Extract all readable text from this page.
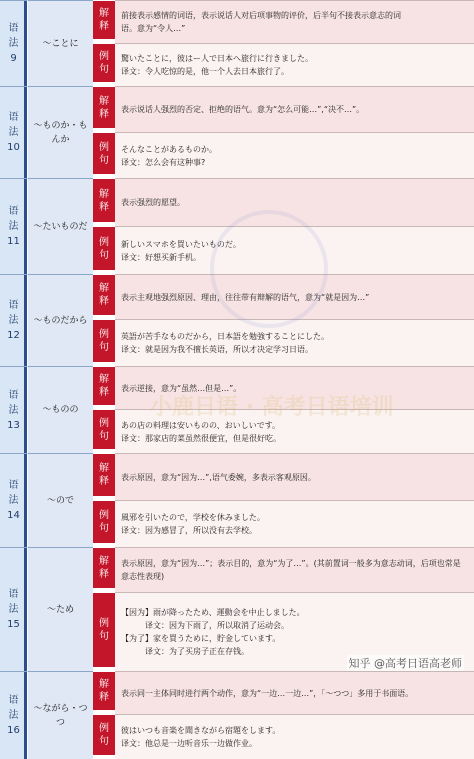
语
法
9
～ことに
解
释
前接表示感情的词语，表示说话人对后项事物的评价，后半句不接表示意志的词
语。意为“令人…”
例
句
驚いたことに，彼はー人で日本へ旅行に行きました。
译文：令人吃惊的是，他一个人去日本旅行了。
语
法
10
～ものか・もんか
解
释 表示说话人强烈的否定、拒绝的语气。意为“怎么可能…”,“决不…”。
例
句
そんなことがあるものか。
译文：怎么会有这种事?
语
法
11
～たいものだ
解
释 表示强烈的愿望。
例
句
新しいスマホを買いたいものだ。
译文：好想买新手机。
语
法
12
～ものだから
解
释 表示主观地强烈原因、理由，往往带有辩解的语气，意为“就是因为…”
例
句
英語が苦手なものだから，日本語を勉強することにした。
译文：就是因为我不擅长英语，所以才决定学习日语。
语
法
13
～ものの
解
释 表示逆接，意为“虽然…但是…”。
例
句
あの店の料理は安いものの、おいしいです。
译文：那家店的菜虽然很便宜，但是很好吃。
语
法
14
～ので
解
释 表示原因，意为“因为…”,语气委婉，多表示客观原因。
例
句
風邪を引いたので，学校を休みました。
译文：因为感冒了，所以没有去学校。
语
法
15
～ため
解
释
表示原因，意为“因为…”；表示目的，意为“为了…”。(其前置词一般多为意志动词，后项也常是意志性表现)
例
句
【因为】雨が降ったため、運動会を中止しました。
译文：因为下雨了，所以取消了运动会。
【为了】家を買うために，貯金しています。
译文：为了买房子正在存钱。
语
法
16
～ながら・つつ
解
释 表示同一主体同时进行两个动作，意为“一边…一边…”，「～つつ」多用于书面语。
例
句
彼はいつも音楽を聞きながら宿題をします。
译文：他总是一边听音乐一边做作业。
知乎 @高考日语高老师
